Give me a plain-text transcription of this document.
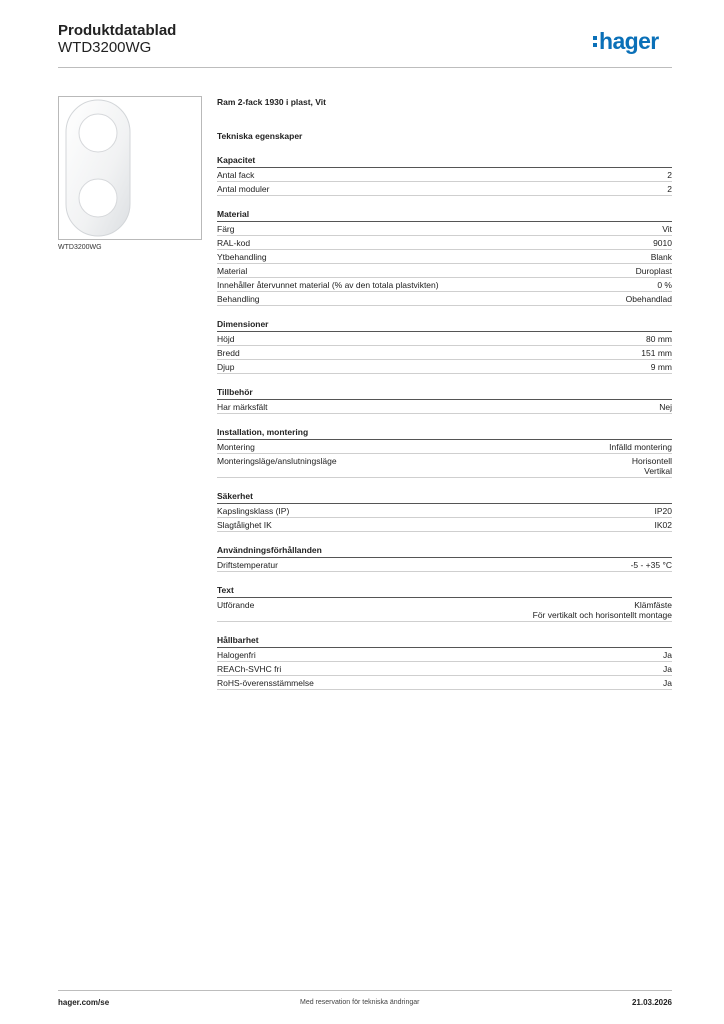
Produktdatablad
WTD3200WG	hager
WTD3200WG
Ram 2-fack 1930 i plast, Vit
Tekniska egenskaper
Kapacitet
Antal fack	2
Antal moduler	2
Material
Färg	Vit
RAL-kod	9010
Ytbehandling	Blank
Material	Duroplast
Innehåller återvunnet material (% av den totala plastvikten)	0 %
Behandling	Obehandlad
Dimensioner
Höjd	80 mm
Bredd	151 mm
Djup	9 mm
Tillbehör
Har märksfält	Nej
Installation, montering
Montering	Infälld montering
Monteringsläge/anslutningsläge	Horisontell
Vertikal
Säkerhet
Kapslingsklass (IP)	IP20
Slagtålighet IK	IK02
Användningsförhållanden
Driftstemperatur	-5 - +35 °C
Text
Utförande	Klämfäste
För vertikalt och horisontellt montage
Hållbarhet
Halogenfri	Ja
REACh-SVHC fri	Ja
RoHS-överensstämmelse	Ja
hager.com/se	Med reservation för tekniska ändringar	21.03.2026
